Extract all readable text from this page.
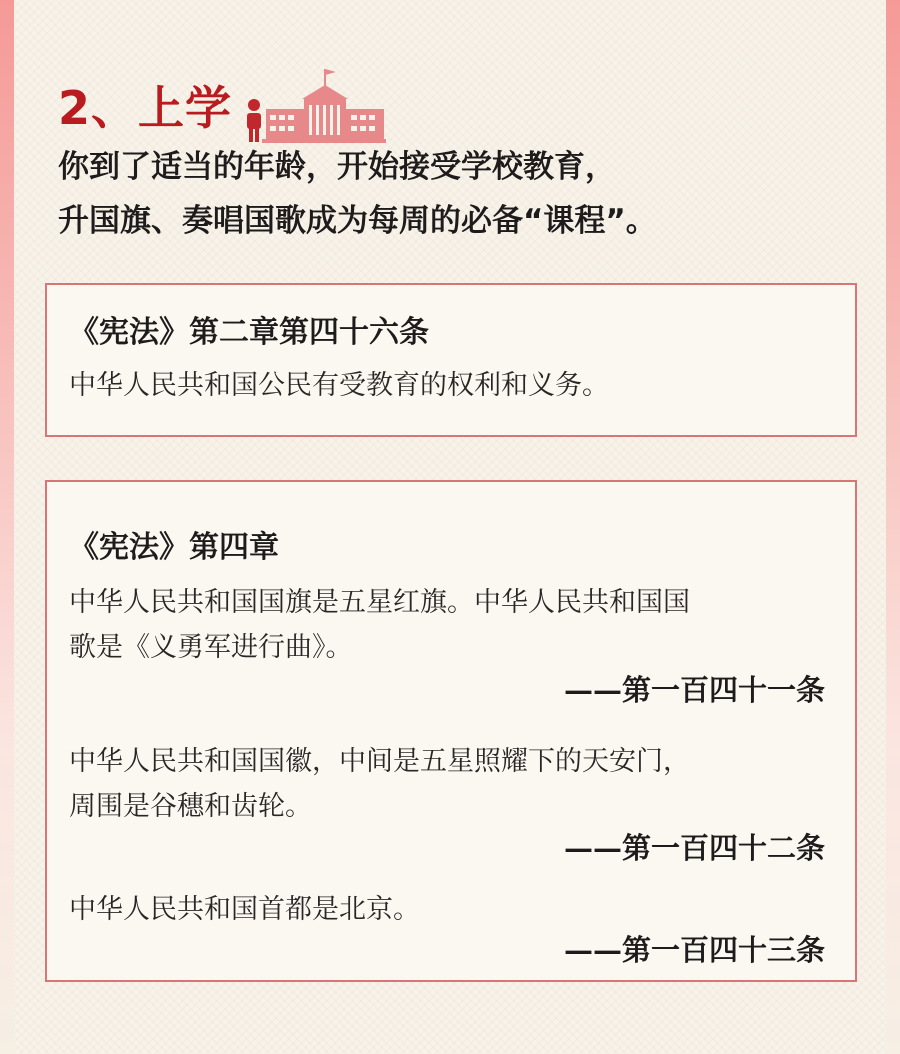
2、上学
你到了适当的年龄，开始接受学校教育，
升国旗、奏唱国歌成为每周的必备“课程”。
《宪法》第二章第四十六条
中华人民共和国公民有受教育的权利和义务。
《宪法》第四章
中华人民共和国国旗是五星红旗。中华人民共和国国
歌是《义勇军进行曲》。
——第一百四十一条
中华人民共和国国徽，中间是五星照耀下的天安门，
周围是谷穗和齿轮。
——第一百四十二条
中华人民共和国首都是北京。
——第一百四十三条
